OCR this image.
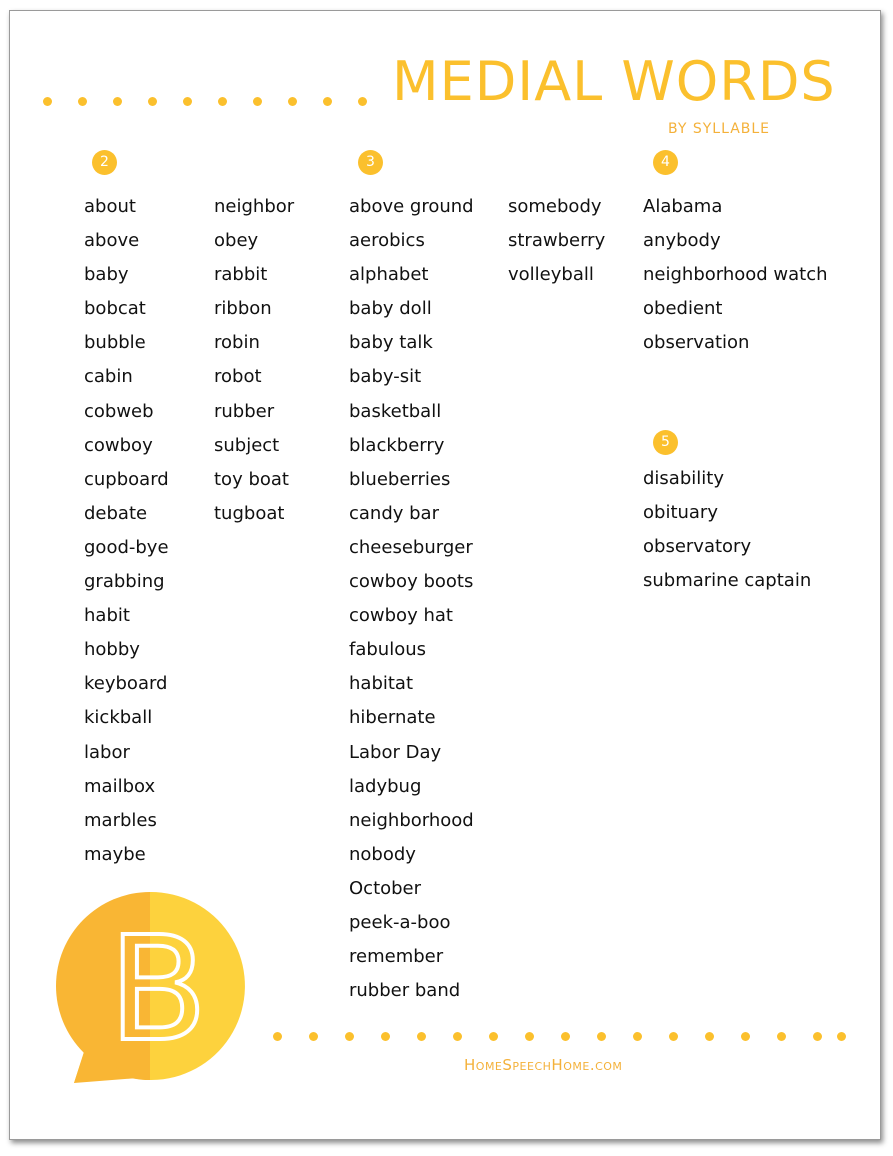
MEDIAL WORDS
BY SYLLABLE
2	3	4
5
about
above
baby
bobcat
bubble
cabin
cobweb
cowboy
cupboard
debate
good-bye
grabbing
habit
hobby
keyboard
kickball
labor
mailbox
marbles
maybe
neighbor
obey
rabbit
ribbon
robin
robot
rubber
subject
toy boat
tugboat
above ground
aerobics
alphabet
baby doll
baby talk
baby-sit
basketball
blackberry
blueberries
candy bar
cheeseburger
cowboy boots
cowboy hat
fabulous
habitat
hibernate
Labor Day
ladybug
neighborhood
nobody
October
peek-a-boo
remember
rubber band
somebody
strawberry
volleyball
Alabama
anybody
neighborhood watch
obedient
observation
disability
obituary
observatory
submarine captain
B	HOMESPEECHHOME.COM
